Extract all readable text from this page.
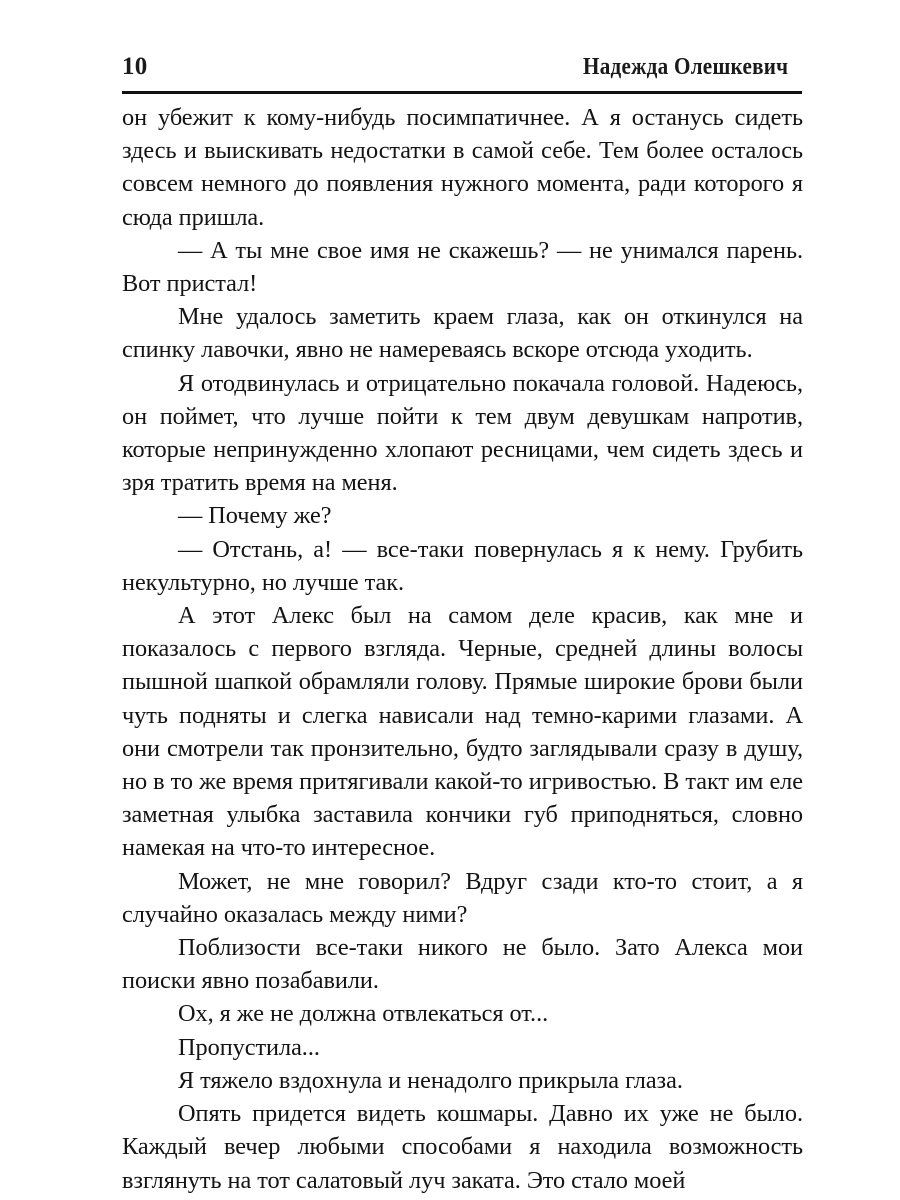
10	Надежда Олешкевич

он убежит к кому-нибудь посимпатичнее. А я останусь сидеть здесь и выискивать недостатки в самой себе. Тем более осталось совсем немного до появления нужного момента, ради которого я сюда пришла.

— А ты мне свое имя не скажешь? — не унимался парень. Вот пристал!

Мне удалось заметить краем глаза, как он откинулся на спинку лавочки, явно не намереваясь вскоре отсюда уходить.

Я отодвинулась и отрицательно покачала головой. Надеюсь, он поймет, что лучше пойти к тем двум девушкам напротив, которые непринужденно хлопают ресницами, чем сидеть здесь и зря тратить время на меня.

— Почему же?

— Отстань, а! — все-таки повернулась я к нему. Грубить некультурно, но лучше так.

А этот Алекс был на самом деле красив, как мне и показалось с первого взгляда. Черные, средней длины волосы пышной шапкой обрамляли голову. Прямые широкие брови были чуть подняты и слегка нависали над темно-карими глазами. А они смотрели так пронзительно, будто заглядывали сразу в душу, но в то же время притягивали какой-то игривостью. В такт им еле заметная улыбка заставила кончики губ приподняться, словно намекая на что-то интересное.

Может, не мне говорил? Вдруг сзади кто-то стоит, а я случайно оказалась между ними?

Поблизости все-таки никого не было. Зато Алекса мои поиски явно позабавили.

Ох, я же не должна отвлекаться от...

Пропустила...

Я тяжело вздохнула и ненадолго прикрыла глаза.

Опять придется видеть кошмары. Давно их уже не было. Каждый вечер любыми способами я находила возможность взглянуть на тот салатовый луч заката. Это стало моей
